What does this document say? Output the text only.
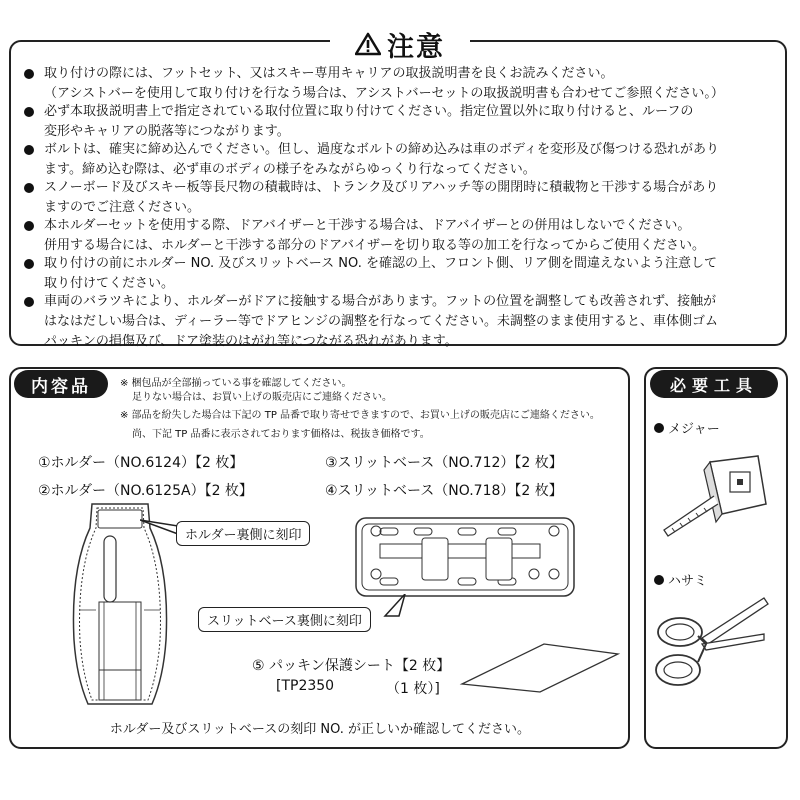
注意
取り付けの際には、フットセット、又はスキー専用キャリアの取扱説明書を良くお読みください。
（アシストバーを使用して取り付けを行なう場合は、アシストバーセットの取扱説明書も合わせてご参照ください。）
必ず本取扱説明書上で指定されている取付位置に取り付けてください。指定位置以外に取り付けると、ルーフの
変形やキャリアの脱落等につながります。
ボルトは、確実に締め込んでください。但し、過度なボルトの締め込みは車のボディを変形及び傷つける恐れがあり
ます。締め込む際は、必ず車のボディの様子をみながらゆっくり行なってください。
スノーボード及びスキー板等長尺物の積載時は、トランク及びリアハッチ等の開閉時に積載物と干渉する場合があり
ますのでご注意ください。
本ホルダーセットを使用する際、ドアバイザーと干渉する場合は、ドアバイザーとの併用はしないでください。
併用する場合には、ホルダーと干渉する部分のドアバイザーを切り取る等の加工を行なってからご使用ください。
取り付けの前にホルダー NO. 及びスリットベース NO. を確認の上、フロント側、リア側を間違えないよう注意して
取り付けてください。
車両のバラツキにより、ホルダーがドアに接触する場合があります。フットの位置を調整しても改善されず、接触が
はなはだしい場合は、ディーラー等でドアヒンジの調整を行なってください。未調整のまま使用すると、車体側ゴム
パッキンの損傷及び、ドア塗装のはがれ等につながる恐れがあります。
内容品	※ 梱包品が全部揃っている事を確認してください。
足りない場合は、お買い上げの販売店にご連絡ください。
※ 部品を紛失した場合は下記の TP 品番で取り寄せできますので、お買い上げの販売店にご連絡ください。
尚、下記 TP 品番に表示されております価格は、税抜き価格です。
①ホルダー（NO.6124）【2 枚】
②ホルダー（NO.6125A）【2 枚】
③スリットベース（NO.712）【2 枚】
④スリットベース（NO.718）【2 枚】
ホルダー裏側に刻印
スリットベース裏側に刻印
⑤ パッキン保護シート【2 枚】
[TP2350	（1 枚）]
ホルダー及びスリットベースの刻印 NO. が正しいか確認してください。
必要工具
メジャー
ハサミ
